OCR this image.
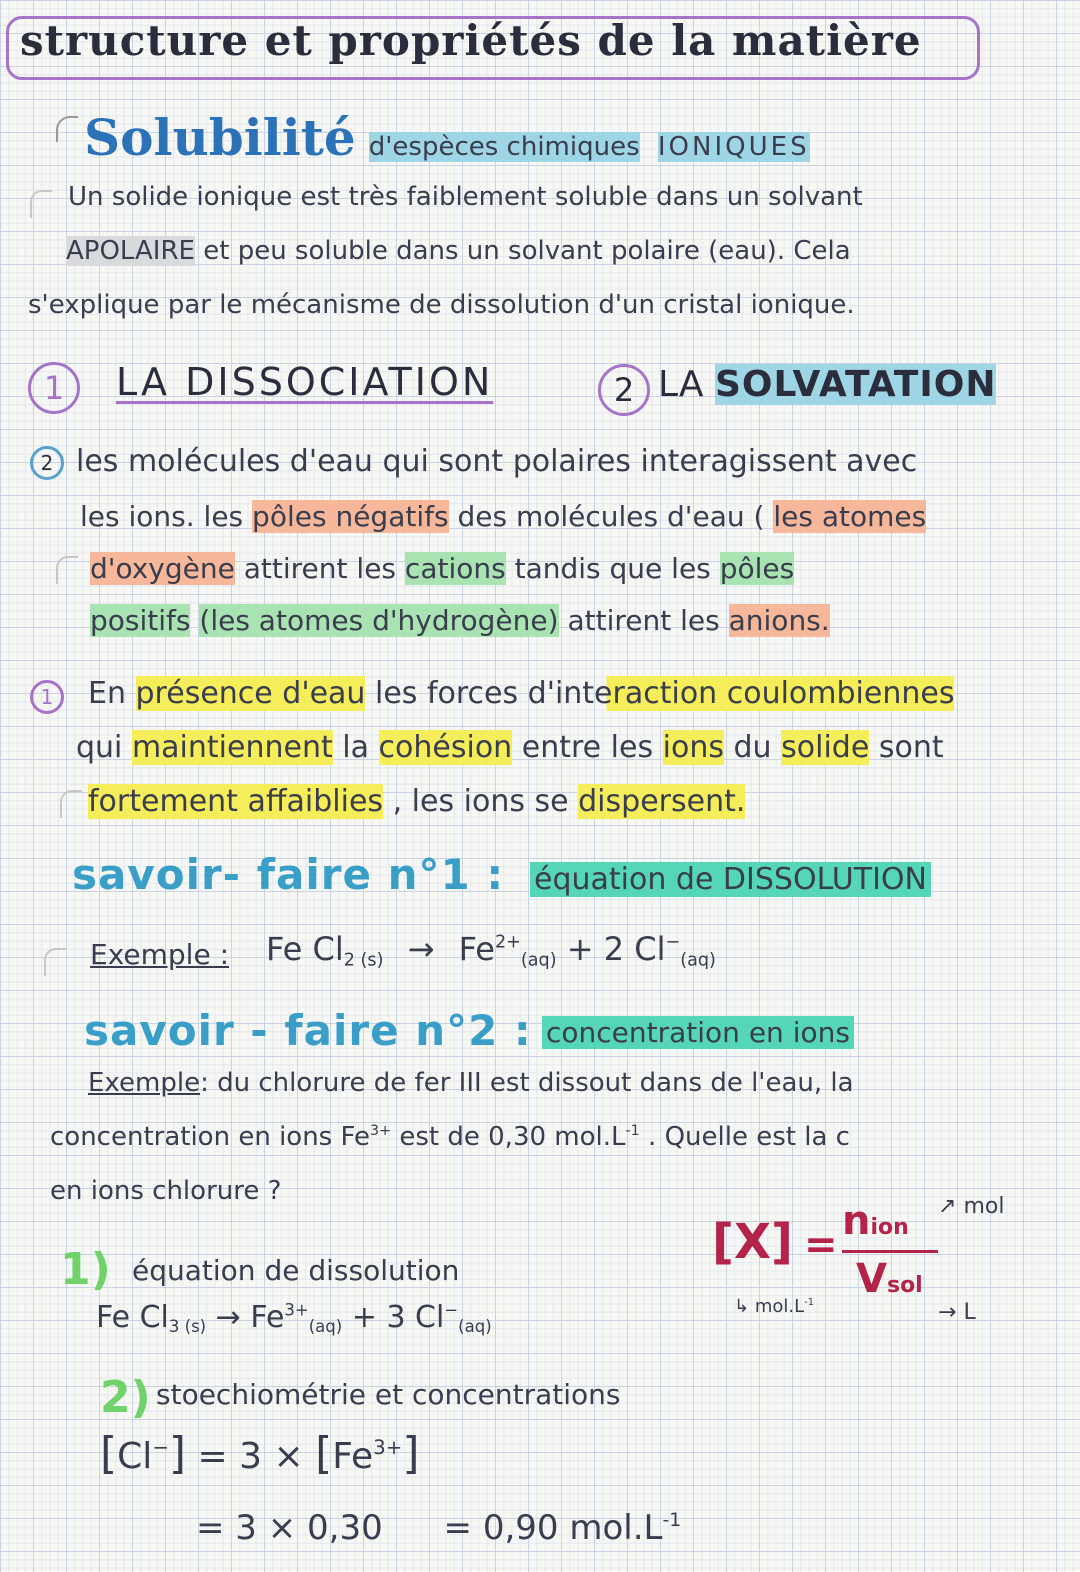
structure et propriétés de la matière
Solubilité d'espèces chimiques IONIQUES
Un solide ionique est très faiblement soluble dans un solvant
APOLAIRE et peu soluble dans un solvant polaire (eau). Cela
s'explique par le mécanisme de dissolution d'un cristal ionique.
1	LA DISSOCIATION	2 LA SOLVATATION
2 les molécules d'eau qui sont polaires interagissent avec
les ions. les pôles négatifs des molécules d'eau ( les atomes
d'oxygène attirent les cations tandis que les pôles
positifs (les atomes d'hydrogène) attirent les anions.
1	En présence d'eau les forces d'interaction coulombiennes
qui maintiennent la cohésion entre les ions du solide sont
fortement affaiblies , les ions se dispersent.
savoir- faire n°1 : équation de DISSOLUTION
Exemple : Fe $Cl_{2 (s)} \to Fe^{2+}_{(aq)} + 2$ $Cl^-_{(aq)}$
savoir - faire n°2 : concentration en ions
Exemple: du chlorure de fer III est dissout dans de l'eau, la
concentration en ions $Fe^{3+}$ est de 0,30 $mol.L^{-1}$ . Quelle est la c
en ions chlorure ?
1) équation de dissolution
Fe $Cl_{3 (s)} \to Fe^{3+}_{(aq)} + 3$ $Cl^-_{(aq)}$
[X] =
nion
Vsol
↗ mol
→ L
↳ $mol.L^{-1}$
2) stoechiométrie et concentrations
$[Cl^-] = 3 \times [Fe^{3+}]$
= 3 × 0,30 = 0,90 $mol.L^{-1}$
